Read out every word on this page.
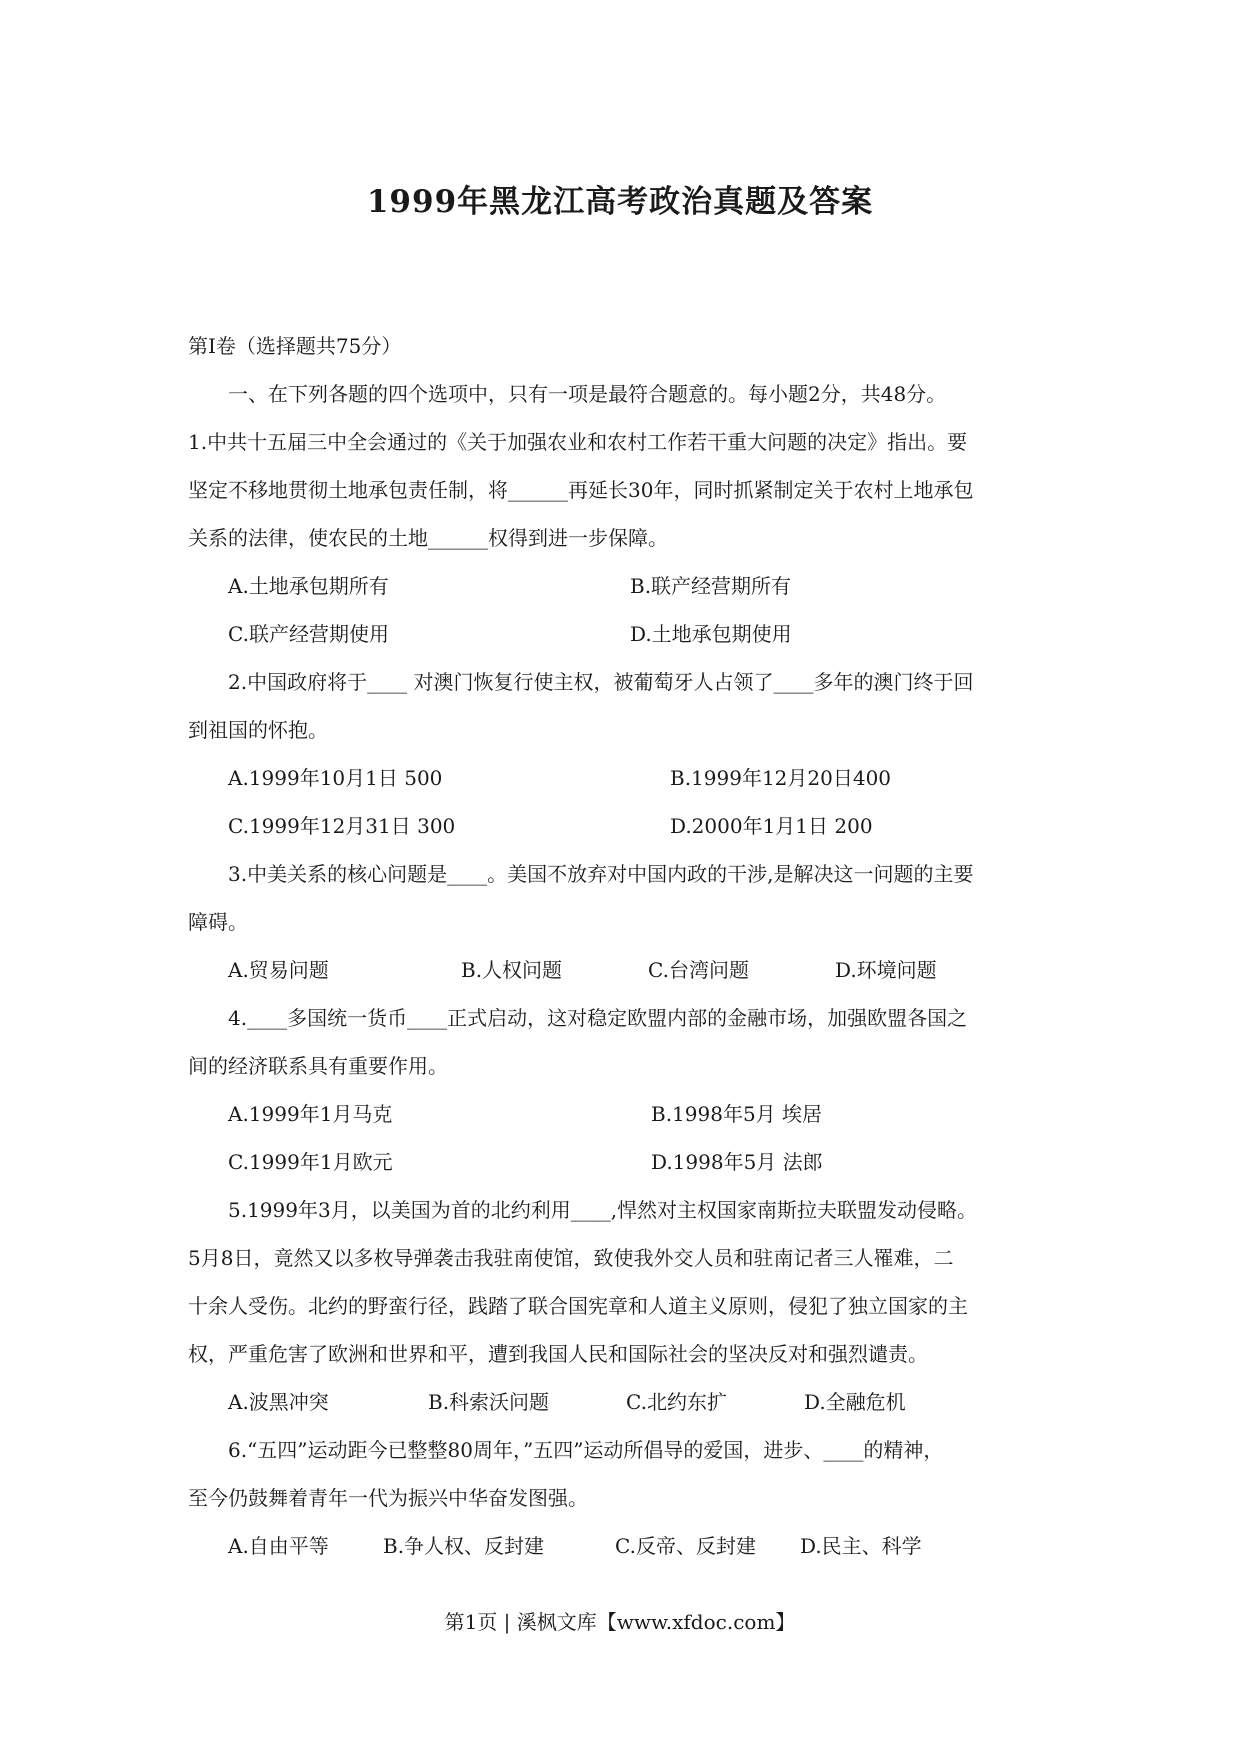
1999年黑龙江高考政治真题及答案
第Ⅰ卷（选择题共75分）
一、在下列各题的四个选项中，只有一项是最符合题意的。每小题2分，共48分。
1.中共十五届三中全会通过的《关于加强农业和农村工作若干重大问题的决定》指出。要
坚定不移地贯彻土地承包责任制，将______再延长30年，同时抓紧制定关于农村上地承包
关系的法律，使农民的土地______权得到进一步保障。
A.土地承包期所有	B.联产经营期所有
C.联产经营期使用	D.土地承包期使用
2.中国政府将于____ 对澳门恢复行使主权，被葡萄牙人占领了____多年的澳门终于回
到祖国的怀抱。
A.1999年10月1日 500	B.1999年12月20日400
C.1999年12月31日 300	D.2000年1月1日 200
3.中美关系的核心问题是____。美国不放弃对中国内政的干涉,是解决这一问题的主要
障碍。
A.贸易问题	B.人权问题	C.台湾问题	D.环境问题
4.____多国统一货币____正式启动，这对稳定欧盟内部的金融市场，加强欧盟各国之
间的经济联系具有重要作用。
A.1999年1月马克	B.1998年5月 埃居
C.1999年1月欧元	D.1998年5月 法郎
5.1999年3月，以美国为首的北约利用____,悍然对主权国家南斯拉夫联盟发动侵略。
5月8日，竟然又以多枚导弹袭击我驻南使馆，致使我外交人员和驻南记者三人罹难，二
十余人受伤。北约的野蛮行径，践踏了联合国宪章和人道主义原则，侵犯了独立国家的主
权，严重危害了欧洲和世界和平，遭到我国人民和国际社会的坚决反对和强烈谴责。
A.波黑冲突	B.科索沃问题	C.北约东扩	D.全融危机
6.“五四”运动距今已整整80周年，”五四”运动所倡导的爱国，进步、____的精神，
至今仍鼓舞着青年一代为振兴中华奋发图强。
A.自由平等	B.争人权、反封建	C.反帝、反封建 D.民主、科学
第1页 | 溪枫文库【www.xfdoc.com】
